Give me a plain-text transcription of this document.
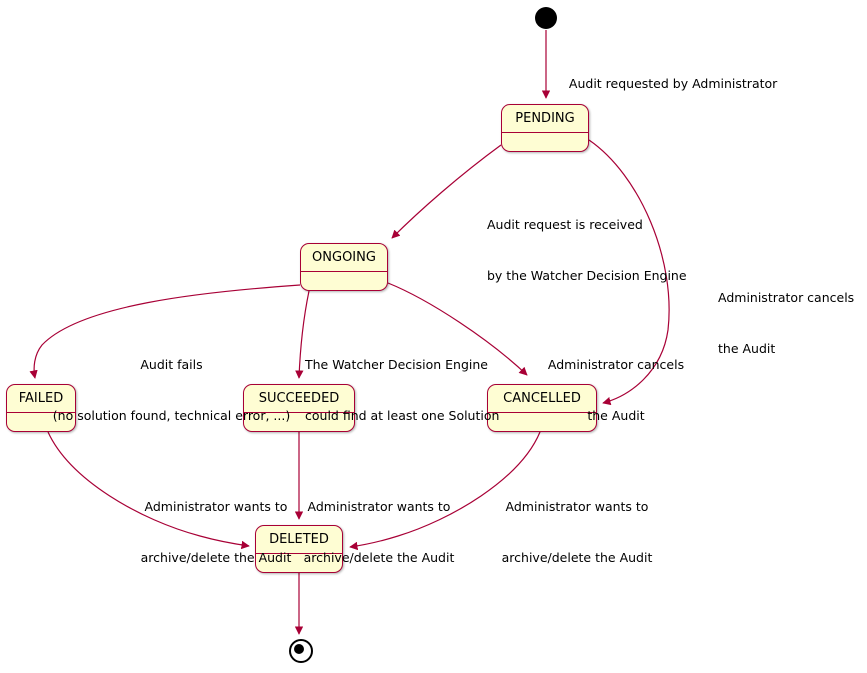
PENDING
ONGOING
FAILED	SUCCEEDED	CANCELLED
DELETED

Audit requested by Administrator

Audit request is received

by the Watcher Decision Engine

Administrator cancels

the Audit

Audit fails

(no solution found, technical error, ...)

The Watcher Decision Engine

could find at least one Solution

Administrator cancels

the Audit

Administrator wants to

archive/delete the Audit

Administrator wants to

archive/delete the Audit

Administrator wants to

archive/delete the Audit
